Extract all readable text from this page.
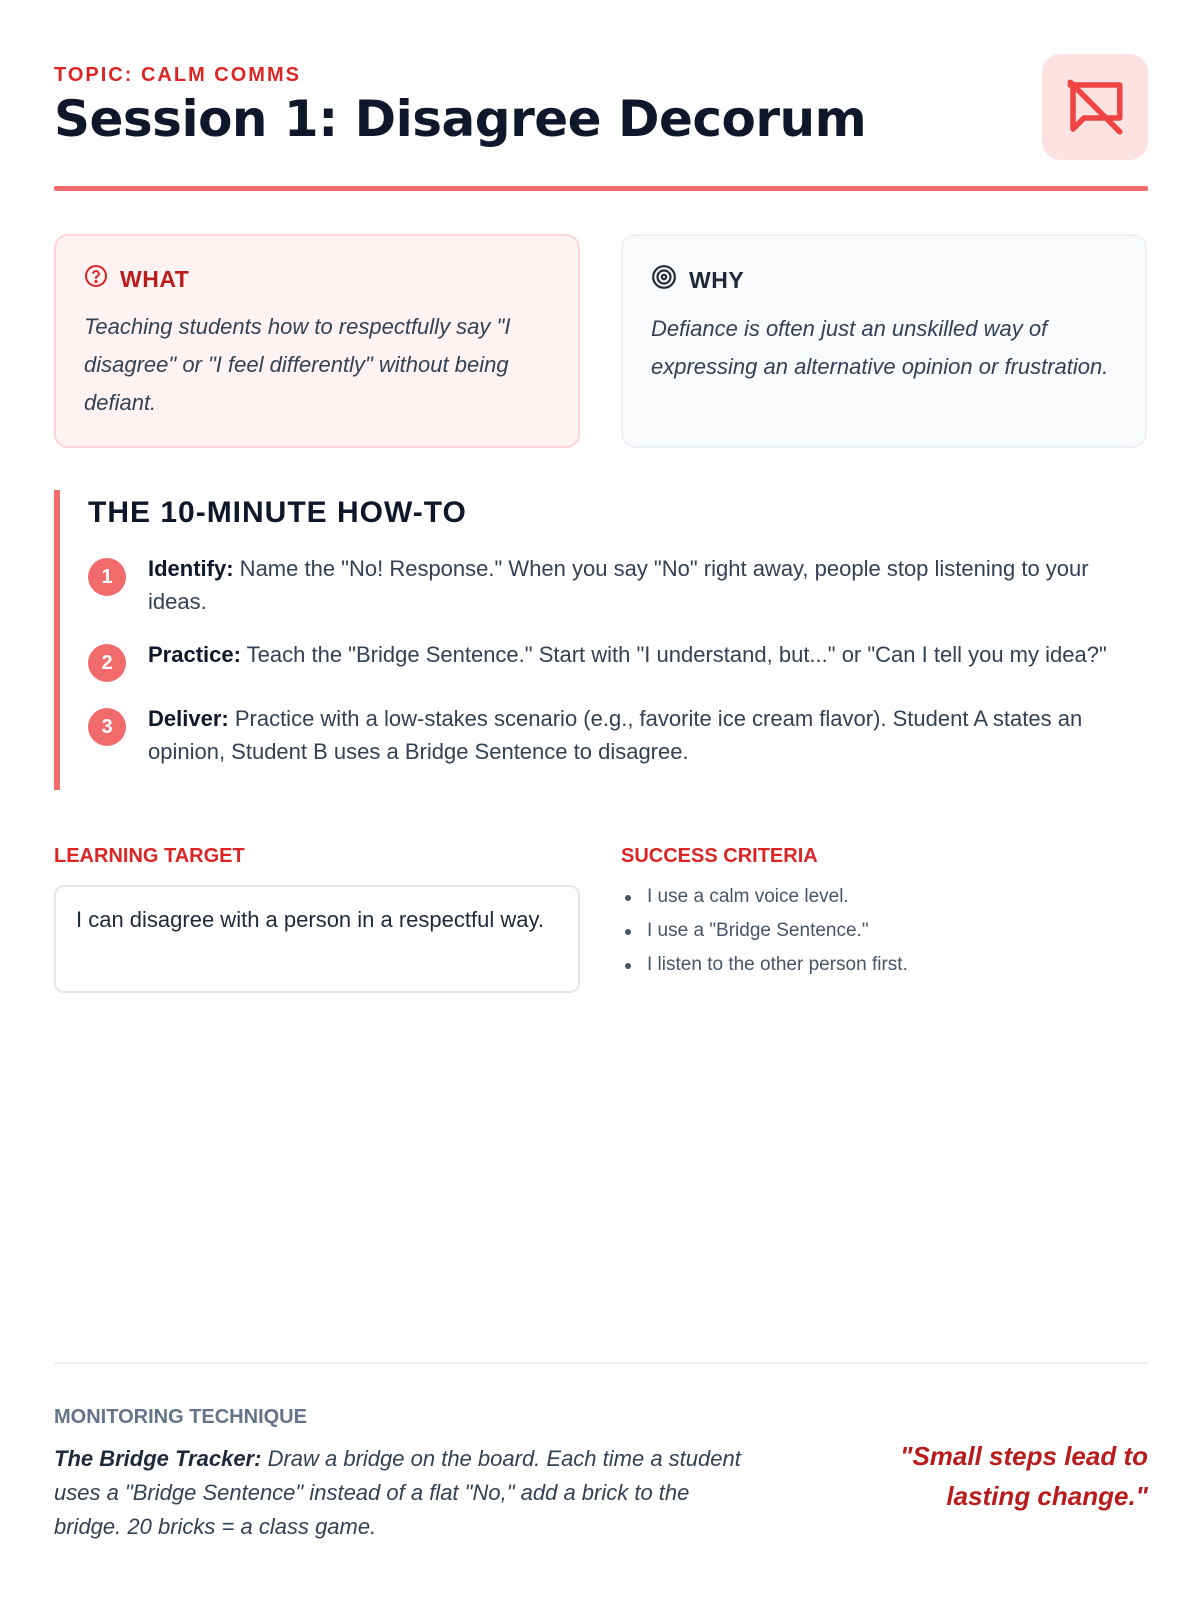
TOPIC: CALM COMMS
Session 1: Disagree Decorum
WHAT
Teaching students how to respectfully say "I disagree" or "I feel differently" without being defiant.
WHY
Defiance is often just an unskilled way of expressing an alternative opinion or frustration.
THE 10-MINUTE HOW-TO
1	Identify: Name the "No! Response." When you say "No" right away, people stop listening to your ideas.
2	Practice: Teach the "Bridge Sentence." Start with "I understand, but..." or "Can I tell you my idea?"
3	Deliver: Practice with a low-stakes scenario (e.g., favorite ice cream flavor). Student A states an opinion, Student B uses a Bridge Sentence to disagree.
LEARNING TARGET
I can disagree with a person in a respectful way.
SUCCESS CRITERIA
I use a calm voice level.
I use a "Bridge Sentence."
I listen to the other person first.
MONITORING TECHNIQUE
The Bridge Tracker: Draw a bridge on the board. Each time a student uses a "Bridge Sentence" instead of a flat "No," add a brick to the bridge. 20 bricks = a class game.
"Small steps lead to lasting change."
